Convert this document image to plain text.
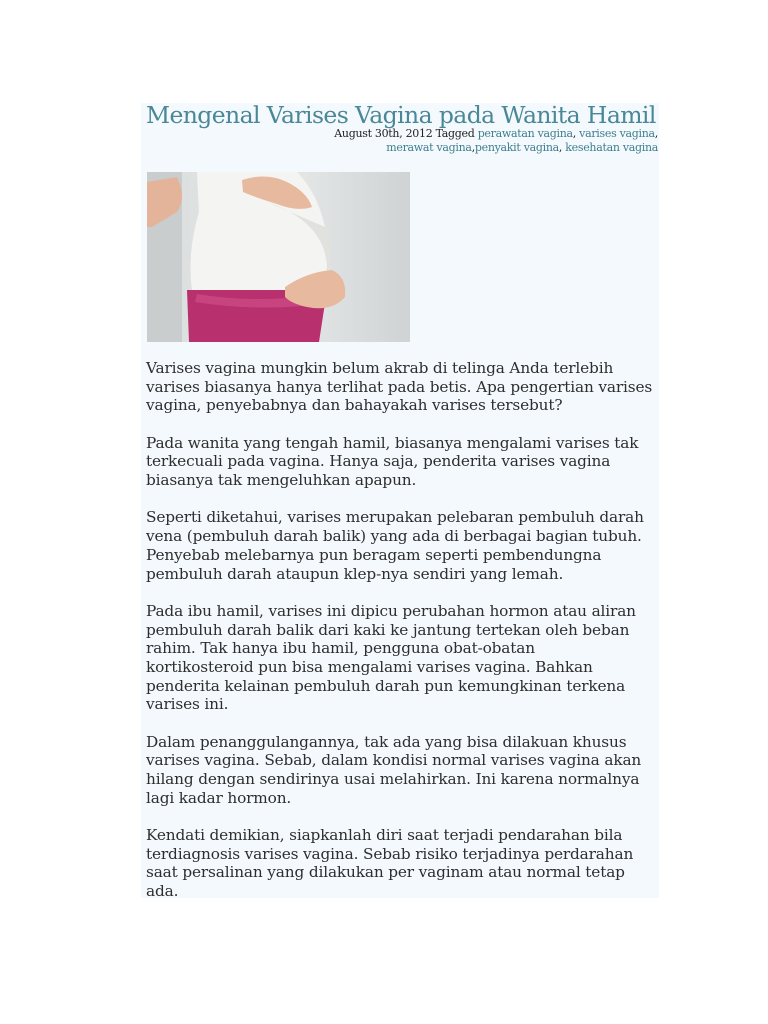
Mengenal Varises Vagina pada Wanita Hamil
August 30th, 2012 Tagged perawatan vagina, varises vagina, merawat vagina,penyakit vagina, kesehatan vagina

Varises vagina mungkin belum akrab di telinga Anda terlebih
varises biasanya hanya terlihat pada betis. Apa pengertian varises
vagina, penyebabnya dan bahayakah varises tersebut?

Pada wanita yang tengah hamil, biasanya mengalami varises tak
terkecuali pada vagina. Hanya saja, penderita varises vagina
biasanya tak mengeluhkan apapun.

Seperti diketahui, varises merupakan pelebaran pembuluh darah
vena (pembuluh darah balik) yang ada di berbagai bagian tubuh.
Penyebab melebarnya pun beragam seperti pembendungna
pembuluh darah ataupun klep-nya sendiri yang lemah.

Pada ibu hamil, varises ini dipicu perubahan hormon atau aliran
pembuluh darah balik dari kaki ke jantung tertekan oleh beban
rahim. Tak hanya ibu hamil, pengguna obat-obatan
kortikosteroid pun bisa mengalami varises vagina. Bahkan
penderita kelainan pembuluh darah pun kemungkinan terkena
varises ini.

Dalam penanggulangannya, tak ada yang bisa dilakuan khusus
varises vagina. Sebab, dalam kondisi normal varises vagina akan
hilang dengan sendirinya usai melahirkan. Ini karena normalnya
lagi kadar hormon.

Kendati demikian, siapkanlah diri saat terjadi pendarahan bila
terdiagnosis varises vagina. Sebab risiko terjadinya perdarahan
saat persalinan yang dilakukan per vaginam atau normal tetap
ada.
